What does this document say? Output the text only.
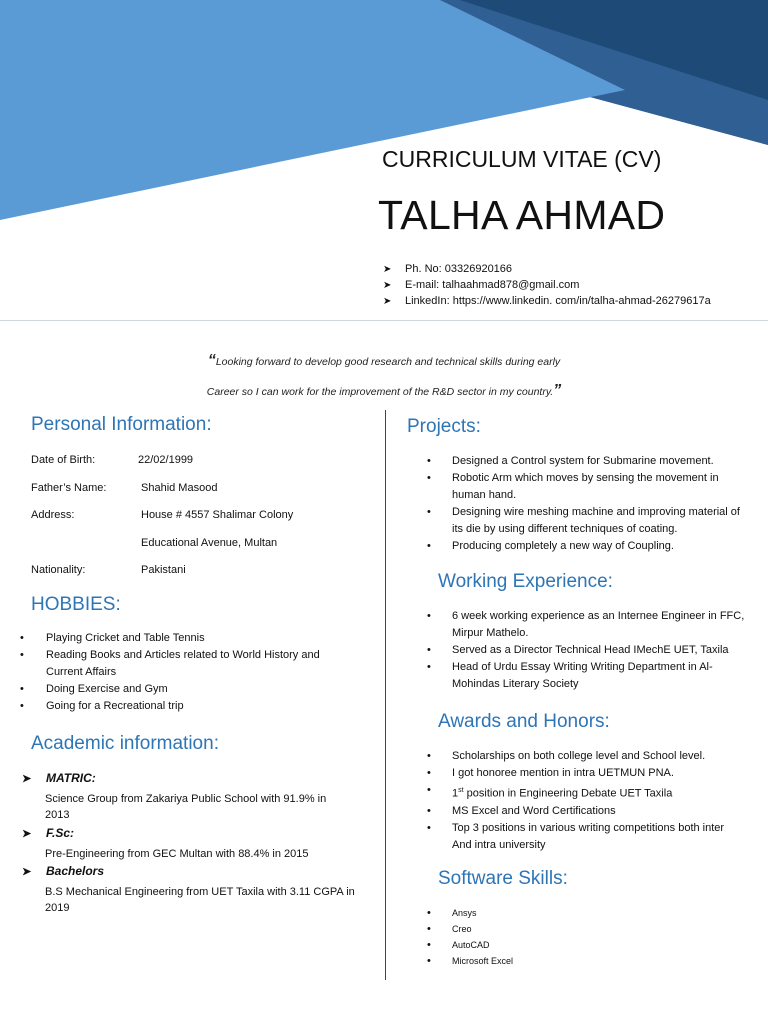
CURRICULUM VITAE (CV)
TALHA AHMAD
➤ Ph. No: 03326920166
➤ E-mail: talhaahmad878@gmail.com
➤ LinkedIn: https://www.linkedin. com/in/talha-ahmad-26279617a
“Looking forward to develop good research and technical skills during early
Career so I can work for the improvement of the R&D sector in my country.”
Personal Information:
Date of Birth:	22/02/1999
Father’s Name:	Shahid Masood
Address:	House # 4557 Shalimar Colony
Educational Avenue, Multan
Nationality:	Pakistani
HOBBIES:
• Playing Cricket and Table Tennis
• Reading Books and Articles related to World History and
Current Affairs
• Doing Exercise and Gym
• Going for a Recreational trip
Academic information:
➤ MATRIC:
Science Group from Zakariya Public School with 91.9% in 2013
➤ F.Sc:
Pre-Engineering from GEC Multan with 88.4% in 2015
➤ Bachelors
B.S Mechanical Engineering from UET Taxila with 3.11 CGPA in 2019
Projects:
• Designed a Control system for Submarine movement.
• Robotic Arm which moves by sensing the movement in
human hand.
• Designing wire meshing machine and improving material of
its die by using different techniques of coating.
• Producing completely a new way of Coupling.
Working Experience:
• 6 week working experience as an Internee Engineer in FFC,
Mirpur Mathelo.
• Served as a Director Technical Head IMechE UET, Taxila
• Head of Urdu Essay Writing Writing Department in Al-
Mohindas Literary Society
Awards and Honors:
• Scholarships on both college level and School level.
• I got honoree mention in intra UETMUN PNA.
• 1st position in Engineering Debate UET Taxila
• MS Excel and Word Certifications
• Top 3 positions in various writing competitions both inter
And intra university
Software Skills:
• Ansys
• Creo
• AutoCAD
• Microsoft Excel
